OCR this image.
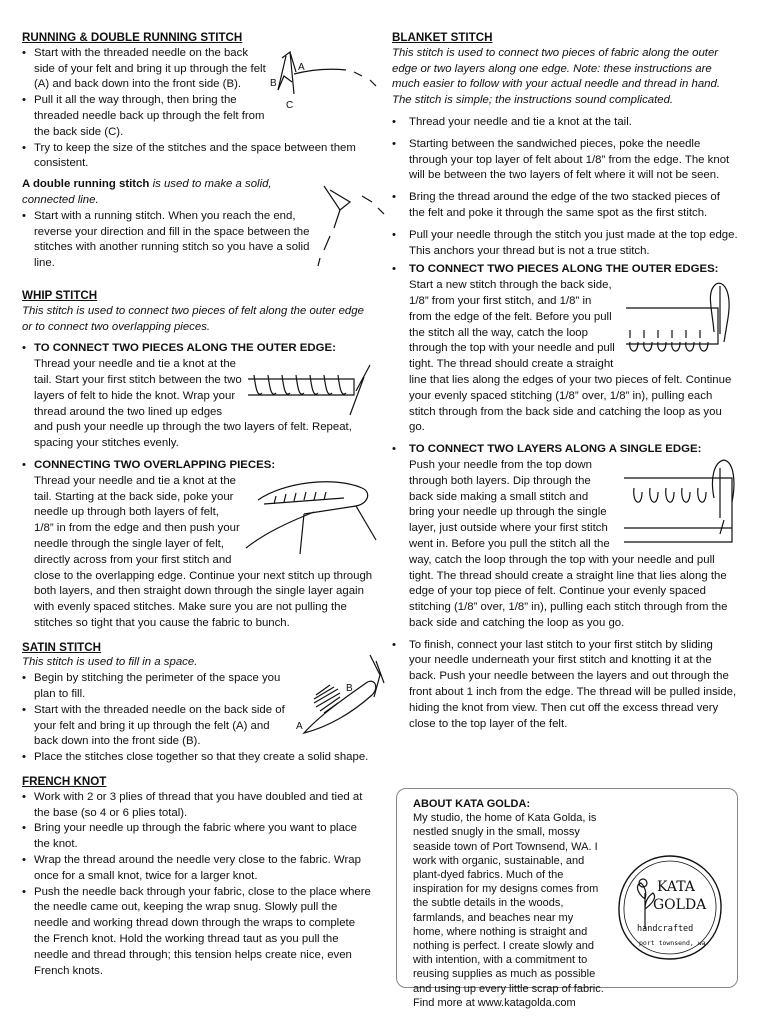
RUNNING & DOUBLE RUNNING STITCH
A
B
C
• Start with the threaded needle on the back side of your felt and bring it up through the felt (A) and back down into the front side (B).
• Pull it all the way through, then bring the threaded needle back up through the felt from the back side (C).
• Try to keep the size of the stitches and the space between them consistent.

A double running stitch is used to make a solid, connected line.

• Start with a running stitch. When you reach the end, reverse your direction and fill in the space between the stitches with another running stitch so you have a solid line.
WHIP STITCH

This stitch is used to connect two pieces of felt along the outer edge or to connect two overlapping pieces.

• TO CONNECT TWO PIECES ALONG THE OUTER EDGE:
Thread your needle and tie a knot at the tail. Start your first stitch between the two layers of felt to hide the knot. Wrap your thread around the two lined up edges and push your needle up through the two layers of felt. Repeat, spacing your stitches evenly.
• CONNECTING TWO OVERLAPPING PIECES:
Thread your needle and tie a knot at the tail. Starting at the back side, poke your needle up through both layers of felt, 1/8” in from the edge and then push your needle through the single layer of felt, directly across from your first stitch and close to the overlapping edge. Continue your next stitch up through both layers, and then straight down through the single layer again with evenly spaced stitches. Make sure you are not pulling the stitches so tight that you cause the fabric to bunch.
SATIN STITCH

This stitch is used to fill in a space.

A
B
• Begin by stitching the perimeter of the space you plan to fill.
• Start with the threaded needle on the back side of your felt and bring it up through the felt (A) and back down into the front side (B).
• Place the stitches close together so that they create a solid shape.
FRENCH KNOT
• Work with 2 or 3 plies of thread that you have doubled and tied at the base (so 4 or 6 plies total).
• Bring your needle up through the fabric where you want to place the knot.
• Wrap the thread around the needle very close to the fabric. Wrap once for a small knot, twice for a larger knot.
• Push the needle back through your fabric, close to the place where the needle came out, keeping the wrap snug. Slowly pull the needle and working thread down through the wraps to complete the French knot. Hold the working thread taut as you pull the needle and thread through; this tension helps create nice, even French knots.
BLANKET STITCH

This stitch is used to connect two pieces of fabric along the outer edge or two layers along one edge. Note: these instructions are much easier to follow with your actual needle and thread in hand. The stitch is simple; the instructions sound complicated.

• Thread your needle and tie a knot at the tail.
• Starting between the sandwiched pieces, poke the needle through your top layer of felt about 1/8” from the edge. The knot will be between the two layers of felt where it will not be seen.
• Bring the thread around the edge of the two stacked pieces of the felt and poke it through the same spot as the first stitch.
• Pull your needle through the stitch you just made at the top edge. This anchors your thread but is not a true stitch.
• TO CONNECT TWO PIECES ALONG THE OUTER EDGES:
Start a new stitch through the back side, 1/8” from your first stitch, and 1/8” in from the edge of the felt. Before you pull the stitch all the way, catch the loop through the top with your needle and pull tight. The thread should create a straight line that lies along the edges of your two pieces of felt. Continue your evenly spaced stitching (1/8” over, 1/8” in), pulling each stitch through from the back side and catching the loop as you go.
• TO CONNECT TWO LAYERS ALONG A SINGLE EDGE:
Push your needle from the top down through both layers. Dip through the back side making a small stitch and bring your needle up through the single layer, just outside where your first stitch went in. Before you pull the stitch all the way, catch the loop through the top with your needle and pull tight. The thread should create a straight line that lies along the edge of your top piece of felt. Continue your evenly spaced stitching (1/8” over, 1/8” in), pulling each stitch through from the back side and catching the loop as you go.
• To finish, connect your last stitch to your first stitch by sliding your needle underneath your first stitch and knotting it at the back. Push your needle between the layers and out through the front about 1 inch from the edge. The thread will be pulled inside, hiding the knot from view. Then cut off the excess thread very close to the top layer of the felt.
ABOUT KATA GOLDA:
My studio, the home of Kata Golda, is nestled snugly in the small, mossy seaside town of Port Townsend, WA. I work with organic, sustainable, and plant-dyed fabrics. Much of the inspiration for my designs comes from the subtle details in the woods, farmlands, and beaches near my home, where nothing is straight and nothing is perfect. I create slowly and with intention, with a commitment to reusing supplies as much as possible and using up every little scrap of fabric. Find more at www.katagolda.com
KATA
GOLDA
handcrafted
port townsend, wa
